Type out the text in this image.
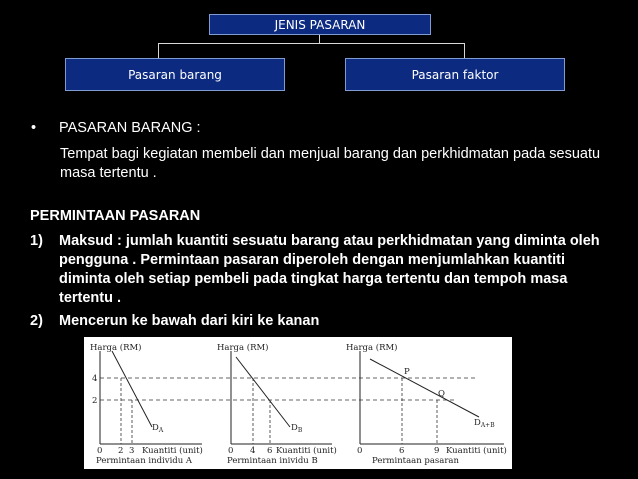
JENIS PASARAN
Pasaran barang	Pasaran faktor
• PASARAN BARANG :
Tempat bagi kegiatan membeli dan menjual barang dan perkhidmatan pada sesuatu masa tertentu .
PERMINTAAN PASARAN
1) Maksud : jumlah kuantiti sesuatu barang atau perkhidmatan yang diminta oleh pengguna . Permintaan pasaran diperoleh dengan menjumlahkan kuantiti diminta oleh setiap pembeli pada tingkat harga tertentu dan tempoh masa tertentu .
2) Mencerun ke bawah dari kiri ke kanan
Harga (RM)
4
2
$D_A$
0 2 3 Kuantiti (unit)
Permintaan individu A
Harga (RM)
$D_B$
0 4 6 Kuantiti (unit)
Permintaan inividu B
Harga (RM)
P
Q
$D_{A+B}$
0	6	9 Kuantiti (unit)
Permintaan pasaran
